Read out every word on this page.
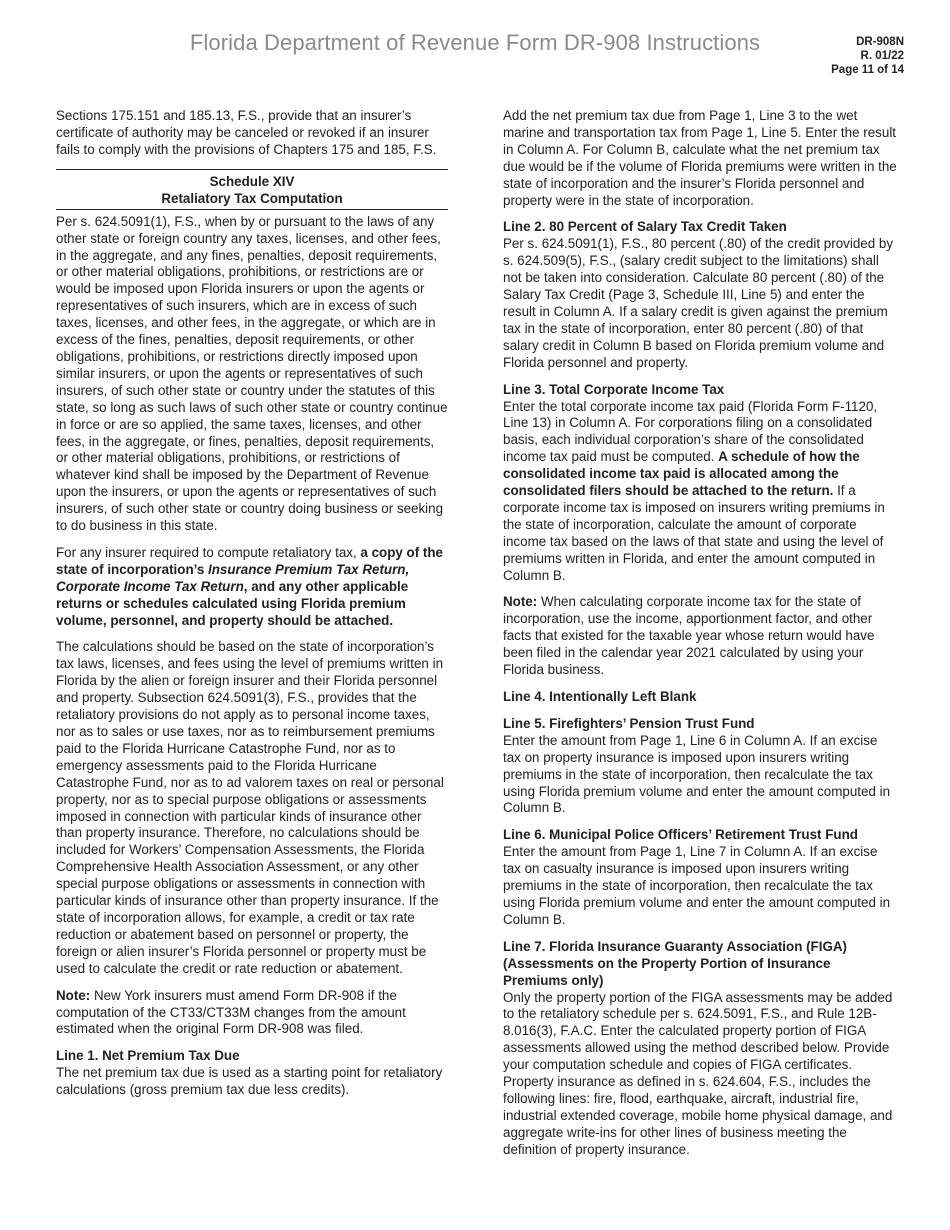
Florida Department of Revenue Form DR-908 Instructions	DR-908N
R. 01/22
Page 11 of 14

Sections 175.151 and 185.13, F.S., provide that an insurer’s certificate of authority may be canceled or revoked if an insurer fails to comply with the provisions of Chapters 175 and 185, F.S.

Schedule XIV
Retaliatory Tax Computation

Per s. 624.5091(1), F.S., when by or pursuant to the laws of any other state or foreign country any taxes, licenses, and other fees, in the aggregate, and any fines, penalties, deposit requirements, or other material obligations, prohibitions, or restrictions are or would be imposed upon Florida insurers or upon the agents or representatives of such insurers, which are in excess of such taxes, licenses, and other fees, in the aggregate, or which are in excess of the fines, penalties, deposit requirements, or other obligations, prohibitions, or restrictions directly imposed upon similar insurers, or upon the agents or representatives of such insurers, of such other state or country under the statutes of this state, so long as such laws of such other state or country continue in force or are so applied, the same taxes, licenses, and other fees, in the aggregate, or fines, penalties, deposit requirements, or other material obligations, prohibitions, or restrictions of whatever kind shall be imposed by the Department of Revenue upon the insurers, or upon the agents or representatives of such insurers, of such other state or country doing business or seeking to do business in this state.

For any insurer required to compute retaliatory tax, a copy of the state of incorporation’s Insurance Premium Tax Return, Corporate Income Tax Return, and any other applicable returns or schedules calculated using Florida premium volume, personnel, and property should be attached.

The calculations should be based on the state of incorporation’s tax laws, licenses, and fees using the level of premiums written in Florida by the alien or foreign insurer and their Florida personnel and property. Subsection 624.5091(3), F.S., provides that the retaliatory provisions do not apply as to personal income taxes, nor as to sales or use taxes, nor as to reimbursement premiums paid to the Florida Hurricane Catastrophe Fund, nor as to emergency assessments paid to the Florida Hurricane Catastrophe Fund, nor as to ad valorem taxes on real or personal property, nor as to special purpose obligations or assessments imposed in connection with particular kinds of insurance other than property insurance. Therefore, no calculations should be included for Workers’ Compensation Assessments, the Florida Comprehensive Health Association Assessment, or any other special purpose obligations or assessments in connection with particular kinds of insurance other than property insurance. If the state of incorporation allows, for example, a credit or tax rate reduction or abatement based on personnel or property, the foreign or alien insurer’s Florida personnel or property must be used to calculate the credit or rate reduction or abatement.

Note: New York insurers must amend Form DR-908 if the computation of the CT33/CT33M changes from the amount estimated when the original Form DR-908 was filed.

Line 1. Net Premium Tax Due
The net premium tax due is used as a starting point for retaliatory calculations (gross premium tax due less credits).

Add the net premium tax due from Page 1, Line 3 to the wet marine and transportation tax from Page 1, Line 5. Enter the result in Column A. For Column B, calculate what the net premium tax due would be if the volume of Florida premiums were written in the state of incorporation and the insurer’s Florida personnel and property were in the state of incorporation.

Line 2. 80 Percent of Salary Tax Credit Taken
Per s. 624.5091(1), F.S., 80 percent (.80) of the credit provided by s. 624.509(5), F.S., (salary credit subject to the limitations) shall not be taken into consideration. Calculate 80 percent (.80) of the Salary Tax Credit (Page 3, Schedule III, Line 5) and enter the result in Column A. If a salary credit is given against the premium tax in the state of incorporation, enter 80 percent (.80) of that salary credit in Column B based on Florida premium volume and Florida personnel and property.

Line 3. Total Corporate Income Tax
Enter the total corporate income tax paid (Florida Form F-1120, Line 13) in Column A. For corporations filing on a consolidated basis, each individual corporation’s share of the consolidated income tax paid must be computed. A schedule of how the consolidated income tax paid is allocated among the consolidated filers should be attached to the return. If a corporate income tax is imposed on insurers writing premiums in the state of incorporation, calculate the amount of corporate income tax based on the laws of that state and using the level of premiums written in Florida, and enter the amount computed in Column B.

Note: When calculating corporate income tax for the state of incorporation, use the income, apportionment factor, and other facts that existed for the taxable year whose return would have been filed in the calendar year 2021 calculated by using your Florida business.

Line 4. Intentionally Left Blank

Line 5. Firefighters’ Pension Trust Fund
Enter the amount from Page 1, Line 6 in Column A. If an excise tax on property insurance is imposed upon insurers writing premiums in the state of incorporation, then recalculate the tax using Florida premium volume and enter the amount computed in Column B.

Line 6. Municipal Police Officers’ Retirement Trust Fund
Enter the amount from Page 1, Line 7 in Column A. If an excise tax on casualty insurance is imposed upon insurers writing premiums in the state of incorporation, then recalculate the tax using Florida premium volume and enter the amount computed in Column B.

Line 7. Florida Insurance Guaranty Association (FIGA) (Assessments on the Property Portion of Insurance Premiums only)
Only the property portion of the FIGA assessments may be added to the retaliatory schedule per s. 624.5091, F.S., and Rule 12B-8.016(3), F.A.C. Enter the calculated property portion of FIGA assessments allowed using the method described below. Provide your computation schedule and copies of FIGA certificates. Property insurance as defined in s. 624.604, F.S., includes the following lines: fire, flood, earthquake, aircraft, industrial fire, industrial extended coverage, mobile home physical damage, and aggregate write-ins for other lines of business meeting the definition of property insurance.
